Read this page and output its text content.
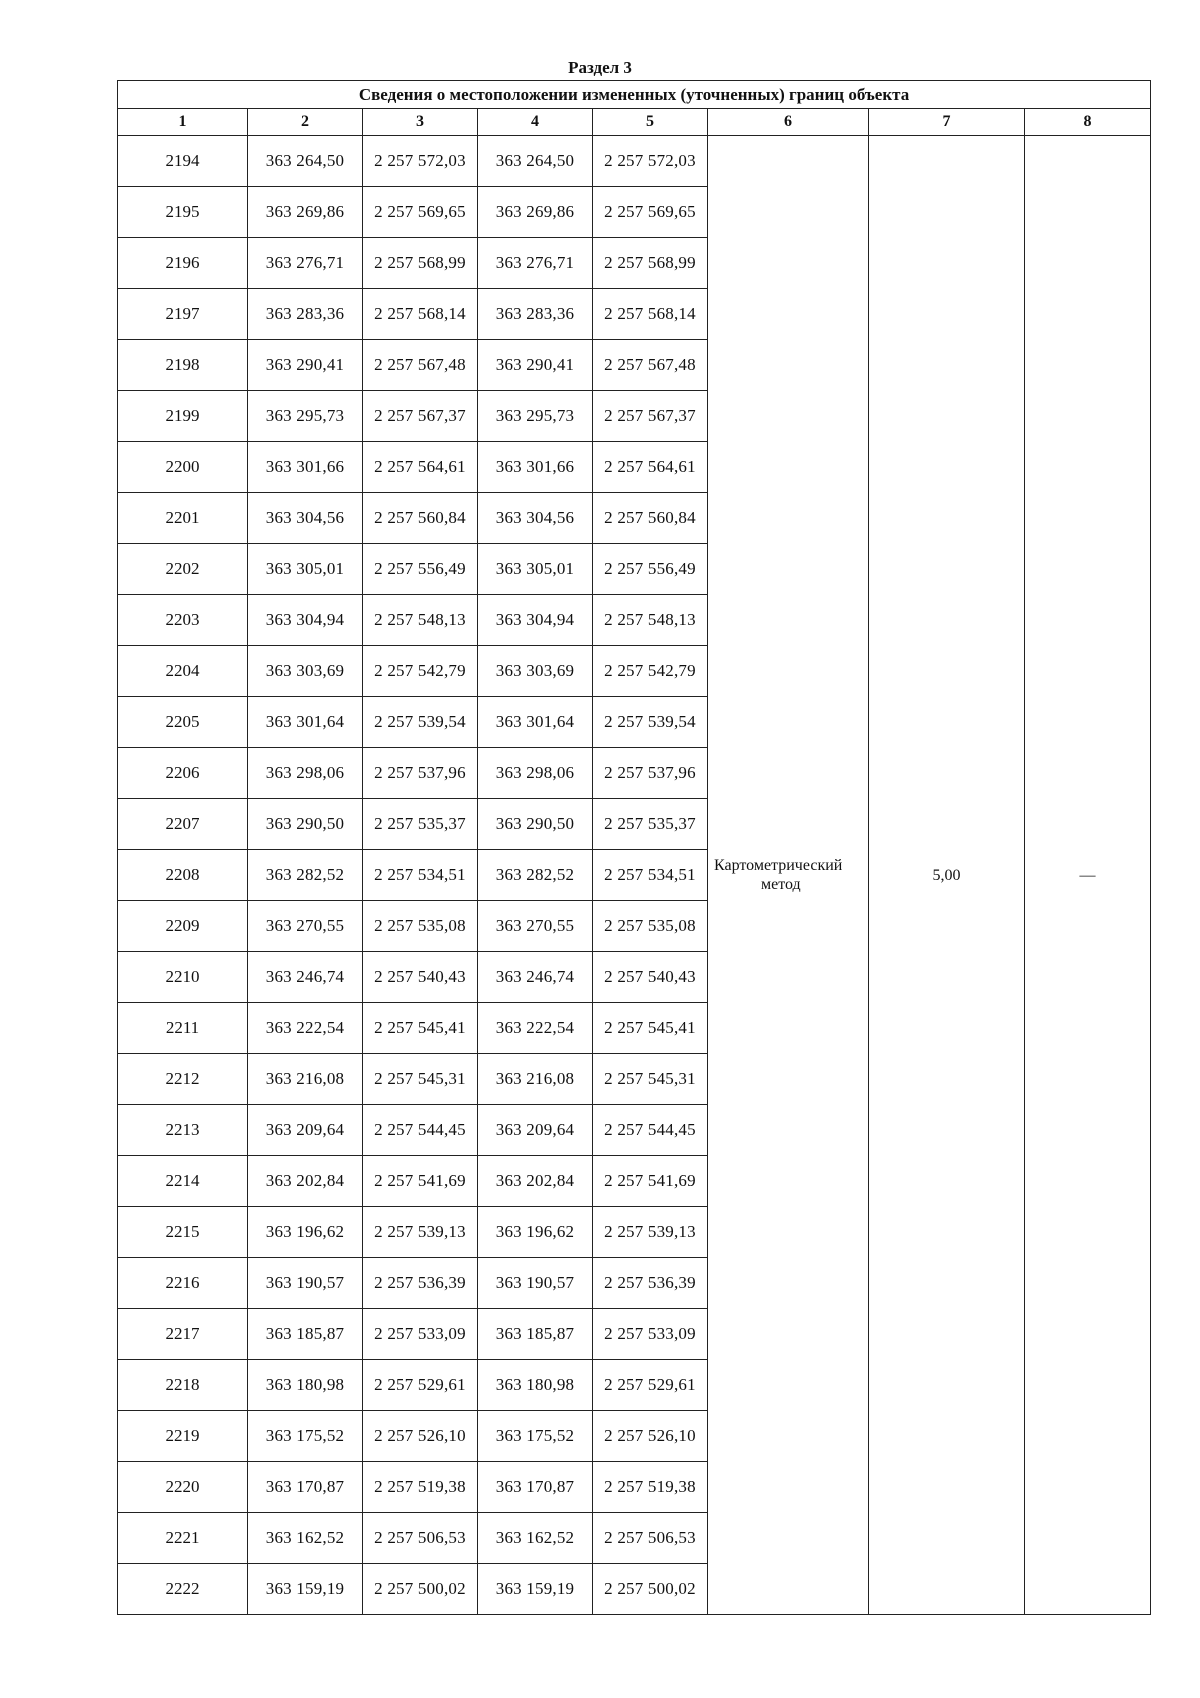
Раздел 3
Сведения о местоположении измененных (уточненных) границ объекта							
1	2	3	4	5	6	7	8
2194	363 264,50	2 257 572,03	363 264,50	2 257 572,03	Картометрический
метод	5,00	—
2195	363 269,86	2 257 569,65	363 269,86	2 257 569,65			
2196	363 276,71	2 257 568,99	363 276,71	2 257 568,99			
2197	363 283,36	2 257 568,14	363 283,36	2 257 568,14			
2198	363 290,41	2 257 567,48	363 290,41	2 257 567,48			
2199	363 295,73	2 257 567,37	363 295,73	2 257 567,37			
2200	363 301,66	2 257 564,61	363 301,66	2 257 564,61			
2201	363 304,56	2 257 560,84	363 304,56	2 257 560,84			
2202	363 305,01	2 257 556,49	363 305,01	2 257 556,49			
2203	363 304,94	2 257 548,13	363 304,94	2 257 548,13			
2204	363 303,69	2 257 542,79	363 303,69	2 257 542,79			
2205	363 301,64	2 257 539,54	363 301,64	2 257 539,54			
2206	363 298,06	2 257 537,96	363 298,06	2 257 537,96			
2207	363 290,50	2 257 535,37	363 290,50	2 257 535,37			
2208	363 282,52	2 257 534,51	363 282,52	2 257 534,51			
2209	363 270,55	2 257 535,08	363 270,55	2 257 535,08			
2210	363 246,74	2 257 540,43	363 246,74	2 257 540,43			
2211	363 222,54	2 257 545,41	363 222,54	2 257 545,41			
2212	363 216,08	2 257 545,31	363 216,08	2 257 545,31			
2213	363 209,64	2 257 544,45	363 209,64	2 257 544,45			
2214	363 202,84	2 257 541,69	363 202,84	2 257 541,69			
2215	363 196,62	2 257 539,13	363 196,62	2 257 539,13			
2216	363 190,57	2 257 536,39	363 190,57	2 257 536,39			
2217	363 185,87	2 257 533,09	363 185,87	2 257 533,09			
2218	363 180,98	2 257 529,61	363 180,98	2 257 529,61			
2219	363 175,52	2 257 526,10	363 175,52	2 257 526,10			
2220	363 170,87	2 257 519,38	363 170,87	2 257 519,38			
2221	363 162,52	2 257 506,53	363 162,52	2 257 506,53			
2222	363 159,19	2 257 500,02	363 159,19	2 257 500,02			
